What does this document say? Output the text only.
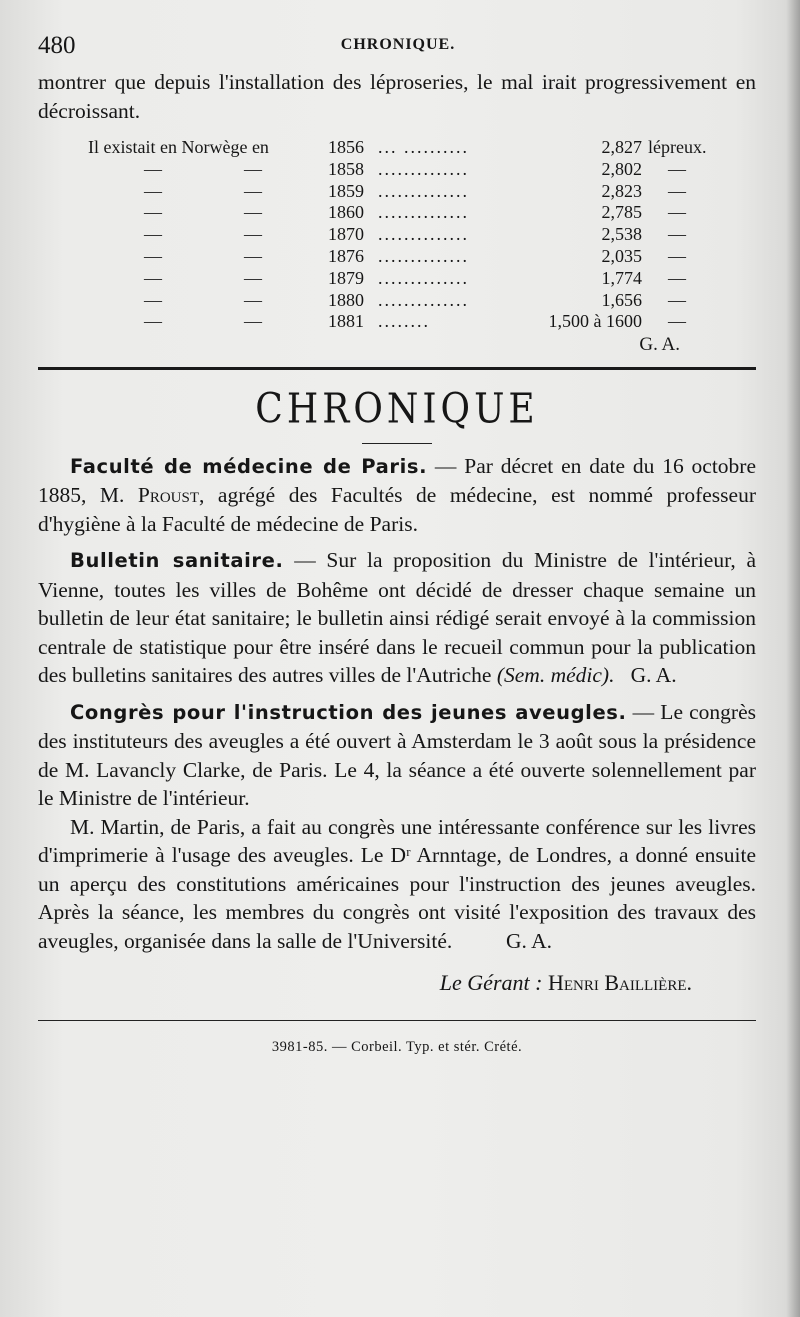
480	CHRONIQUE.

montrer que depuis l'installation des léproseries, le mal irait progressivement en décroissant.

Il existait en Norwège en	1856 ... ..........	2,827 lépreux.
—	—	1858 ..............	2,802 —
—	—	1859 ..............	2,823 —
—	—	1860 ..............	2,785 —
—	—	1870 ..............	2,538 —
—	—	1876 ..............	2,035 —
—	—	1879 ..............	1,774 —
—	—	1880 ..............	1,656 —
—	—	1881 ........	1,500 à 1600 —
G. A.
CHRONIQUE

Faculté de médecine de Paris. — Par décret en date du 16 octobre 1885, M. Proust, agrégé des Facultés de médecine, est nommé professeur d'hygiène à la Faculté de médecine de Paris.

Bulletin sanitaire. — Sur la proposition du Ministre de l'intérieur, à Vienne, toutes les villes de Bohême ont décidé de dresser chaque semaine un bulletin de leur état sanitaire; le bulletin ainsi rédigé serait envoyé à la commission centrale de statistique pour être inséré dans le recueil commun pour la publication des bulletins sanitaires des autres villes de l'Autriche (Sem. médic). G. A.

Congrès pour l'instruction des jeunes aveugles. — Le congrès des instituteurs des aveugles a été ouvert à Amsterdam le 3 août sous la présidence de M. Lavancly Clarke, de Paris. Le 4, la séance a été ouverte solennellement par le Ministre de l'intérieur.

M. Martin, de Paris, a fait au congrès une intéressante conférence sur les livres d'imprimerie à l'usage des aveugles. Le Dʳ Arnntage, de Londres, a donné ensuite un aperçu des constitutions américaines pour l'instruction des jeunes aveugles. Après la séance, les membres du congrès ont visité l'exposition des travaux des aveugles, organisée dans la salle de l'Université.	G. A.

Le Gérant : Henri Baillière.
3981-85. — Corbeil. Typ. et stér. Crété.
